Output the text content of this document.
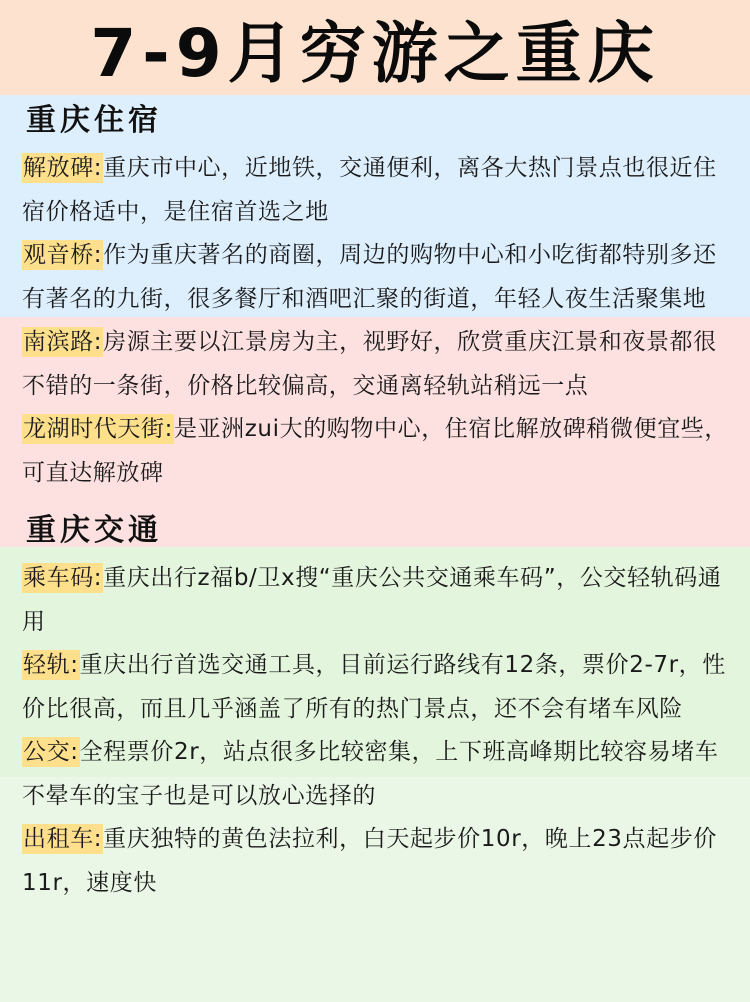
7-9月穷游之重庆
重庆住宿

解放碑:重庆市中心，近地铁，交通便利，离各大热门景点也很近住宿价格适中，是住宿首选之地

观音桥:作为重庆著名的商圈，周边的购物中心和小吃街都特别多还有著名的九街，很多餐厅和酒吧汇聚的街道，年轻人夜生活聚集地

南滨路:房源主要以江景房为主，视野好，欣赏重庆江景和夜景都很不错的一条街，价格比较偏高，交通离轻轨站稍远一点

龙湖时代天街:是亚洲zui大的购物中心，住宿比解放碑稍微便宜些，可直达解放碑

重庆交通

乘车码:重庆出行z福b/卫x搜“重庆公共交通乘车码”，公交轻轨码通用

轻轨:重庆出行首选交通工具，目前运行路线有12条，票价2-7r，性价比很高，而且几乎涵盖了所有的热门景点，还不会有堵车风险

公交:全程票价2r，站点很多比较密集，上下班高峰期比较容易堵车不晕车的宝子也是可以放心选择的

出租车:重庆独特的黄色法拉利，白天起步价10r，晚上23点起步价11r，速度快
